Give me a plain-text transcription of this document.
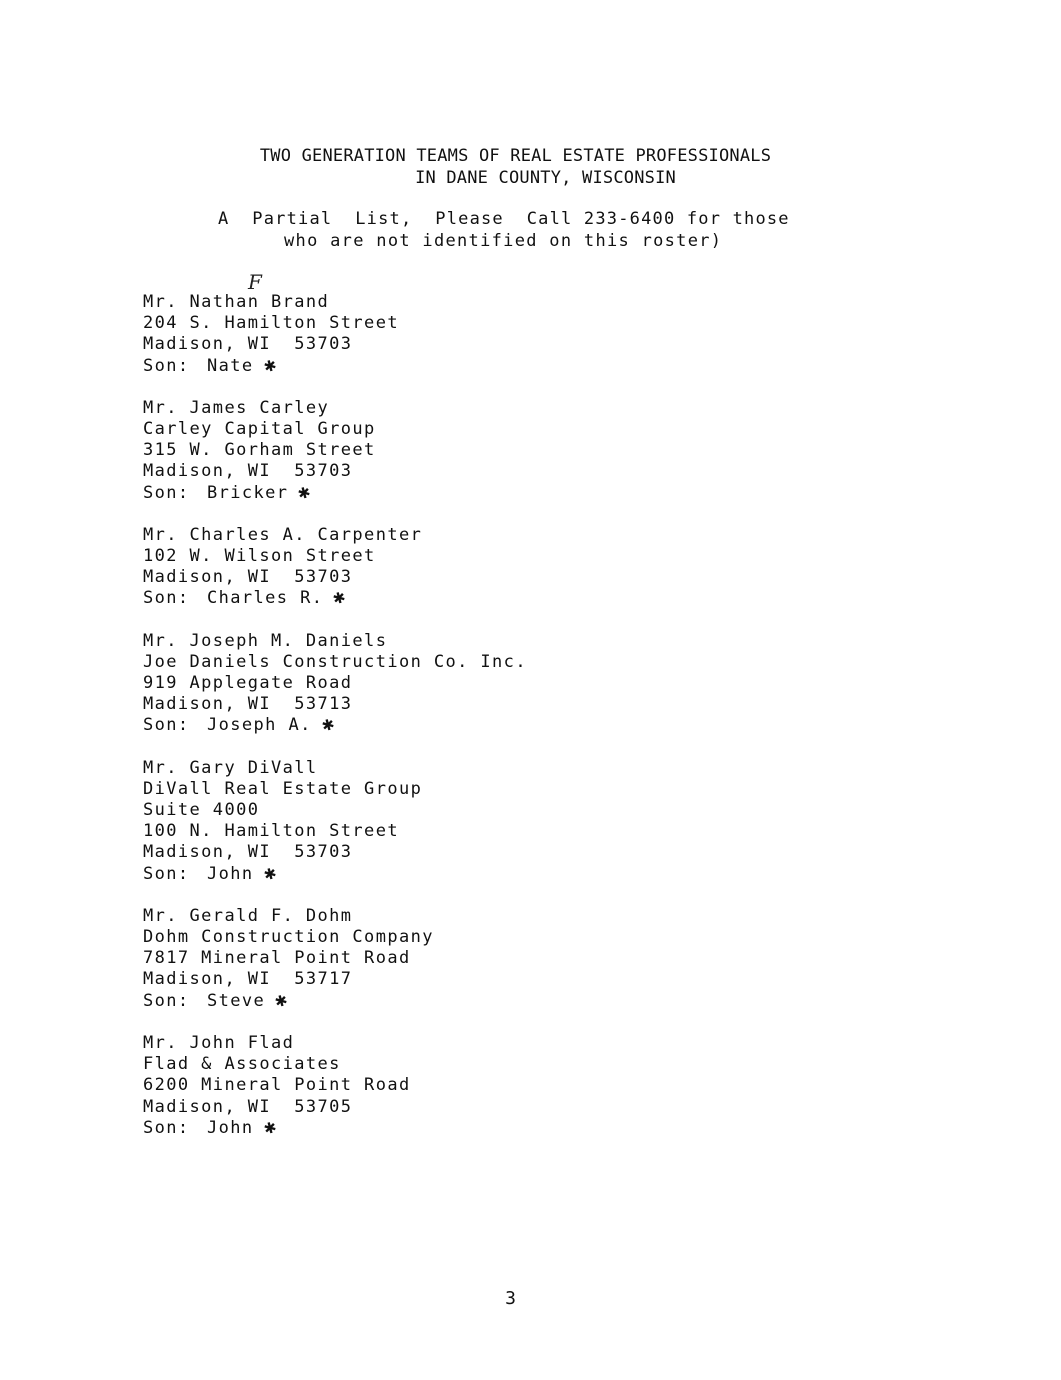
TWO GENERATION TEAMS OF REAL ESTATE PROFESSIONALS
IN DANE COUNTY, WISCONSIN
A  Partial  List,  Please  Call 233-6400 for those
who are not identified on this roster)
F
Mr. Nathan Brand
204 S. Hamilton Street
Madison, WI  53703
Son: Nate ✱
Mr. James Carley
Carley Capital Group
315 W. Gorham Street
Madison, WI  53703
Son: Bricker ✱
Mr. Charles A. Carpenter
102 W. Wilson Street
Madison, WI  53703
Son: Charles R. ✱
Mr. Joseph M. Daniels
Joe Daniels Construction Co. Inc.
919 Applegate Road
Madison, WI  53713
Son: Joseph A. ✱
Mr. Gary DiVall
DiVall Real Estate Group
Suite 4000
100 N. Hamilton Street
Madison, WI  53703
Son: John ✱
Mr. Gerald F. Dohm
Dohm Construction Company
7817 Mineral Point Road
Madison, WI  53717
Son: Steve ✱
Mr. John Flad
Flad & Associates
6200 Mineral Point Road
Madison, WI  53705
Son: John ✱
3
